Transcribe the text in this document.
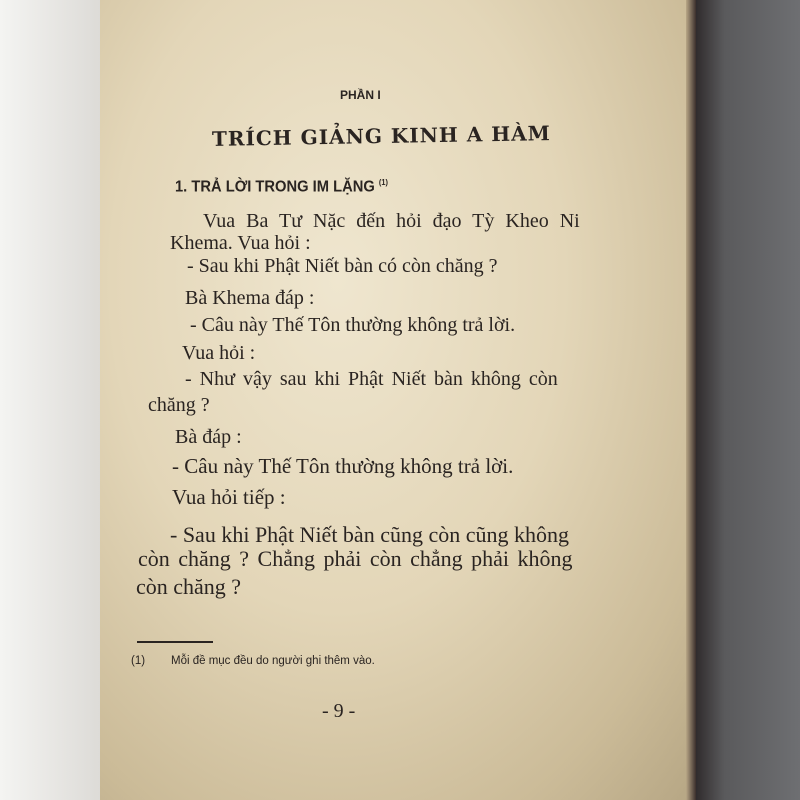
PHẦN I
TRÍCH GIẢNG KINH A HÀM
1. TRẢ LỜI TRONG IM LẶNG $^{(1)}$
Vua Ba Tư Nặc đến hỏi đạo Tỳ Kheo Ni
Khema. Vua hỏi :
- Sau khi Phật Niết bàn có còn chăng ?
Bà Khema đáp :
- Câu này Thế Tôn thường không trả lời.
Vua hỏi :
- Như vậy sau khi Phật Niết bàn không còn
chăng ?
Bà đáp :
- Câu này Thế Tôn thường không trả lời.
Vua hỏi tiếp :
- Sau khi Phật Niết bàn cũng còn cũng không
còn chăng ? Chẳng phải còn chẳng phải không
còn chăng ?
(1) Mỗi đề mục đều do người ghi thêm vào.
- 9 -
